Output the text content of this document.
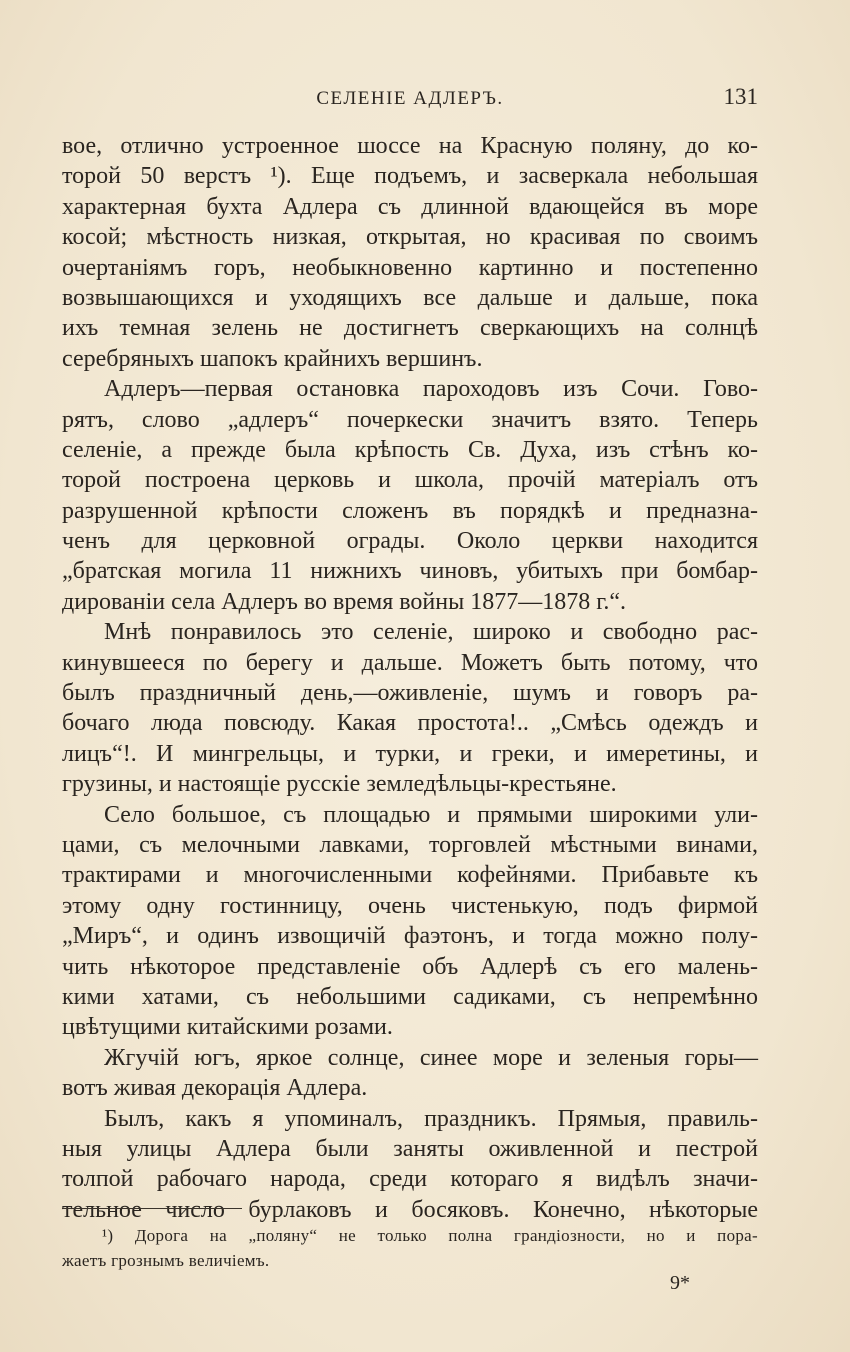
СЕЛЕНІЕ АДЛЕРЪ.	131
вое, отлично устроенное шоссе на Красную поляну, до ко-
торой 50 верстъ ¹). Еще подъемъ, и засверкала небольшая
характерная бухта Адлера съ длинной вдающейся въ море
косой; мѣстность низкая, открытая, но красивая по своимъ
очертаніямъ горъ, необыкновенно картинно и постепенно
возвышающихся и уходящихъ все дальше и дальше, пока
ихъ темная зелень не достигнетъ сверкающихъ на солнцѣ
серебряныхъ шапокъ крайнихъ вершинъ.
Адлеръ—первая остановка пароходовъ изъ Сочи. Гово-
рятъ, слово „адлеръ“ почеркески значитъ взято. Теперь
селеніе, а прежде была крѣпость Св. Духа, изъ стѣнъ ко-
торой построена церковь и школа, прочій матеріалъ отъ
разрушенной крѣпости сложенъ въ порядкѣ и предназна-
ченъ для церковной ограды. Около церкви находится
„братская могила 11 нижнихъ чиновъ, убитыхъ при бомбар-
дированіи села Адлеръ во время войны 1877—1878 г.“.
Мнѣ понравилось это селеніе, широко и свободно рас-
кинувшееся по берегу и дальше. Можетъ быть потому, что
былъ праздничный день,—оживленіе, шумъ и говоръ ра-
бочаго люда повсюду. Какая простота!.. „Смѣсь одеждъ и
лицъ“!. И мингрельцы, и турки, и греки, и имеретины, и
грузины, и настоящіе русскіе земледѣльцы-крестьяне.
Село большое, съ площадью и прямыми широкими ули-
цами, съ мелочными лавками, торговлей мѣстными винами,
трактирами и многочисленными кофейнями. Прибавьте къ
этому одну гостинницу, очень чистенькую, подъ фирмой
„Миръ“, и одинъ извощичій фаэтонъ, и тогда можно полу-
чить нѣкоторое представленіе объ Адлерѣ съ его малень-
кими хатами, съ небольшими садиками, съ непремѣнно
цвѣтущими китайскими розами.
Жгучій югъ, яркое солнце, синее море и зеленыя горы—
вотъ живая декорація Адлера.
Былъ, какъ я упоминалъ, праздникъ. Прямыя, правиль-
ныя улицы Адлера были заняты оживленной и пестрой
толпой рабочаго народа, среди котораго я видѣлъ значи-
тельное число бурлаковъ и босяковъ. Конечно, нѣкоторые
¹) Дорога на „поляну“ не только полна грандіозности, но и пора-
жаетъ грознымъ величіемъ.
9*
